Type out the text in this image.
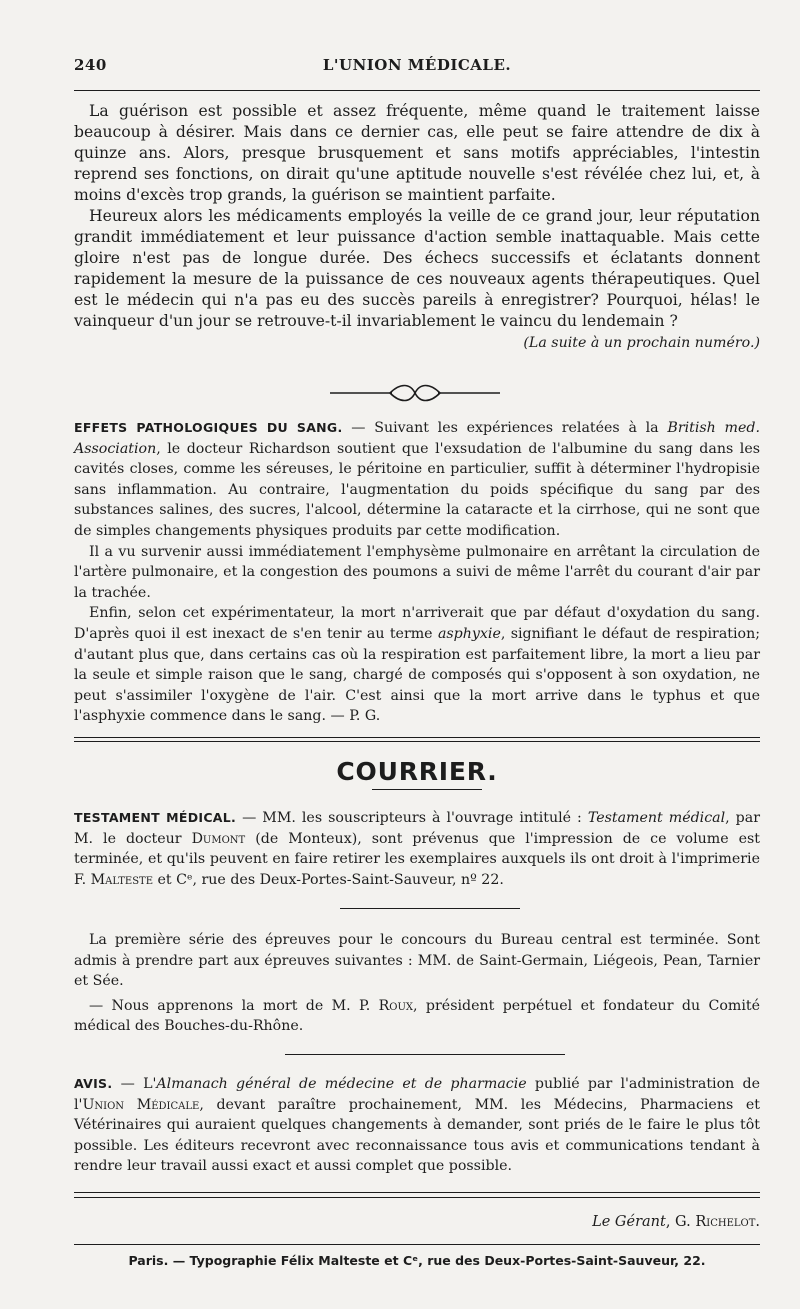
240	L'UNION MÉDICALE.

La guérison est possible et assez fréquente, même quand le traitement laisse beaucoup à désirer. Mais dans ce dernier cas, elle peut se faire attendre de dix à quinze ans. Alors, presque brusquement et sans motifs appréciables, l'intestin reprend ses fonctions, on dirait qu'une aptitude nouvelle s'est révélée chez lui, et, à moins d'excès trop grands, la guérison se maintient parfaite.

Heureux alors les médicaments employés la veille de ce grand jour, leur réputation grandit immédiatement et leur puissance d'action semble inattaquable. Mais cette gloire n'est pas de longue durée. Des échecs successifs et éclatants donnent rapidement la mesure de la puissance de ces nouveaux agents thérapeutiques. Quel est le médecin qui n'a pas eu des succès pareils à enregistrer? Pourquoi, hélas! le vainqueur d'un jour se retrouve-t-il invariablement le vaincu du lendemain ?

(La suite à un prochain numéro.)

EFFETS PATHOLOGIQUES DU SANG. — Suivant les expériences relatées à la British med. Association, le docteur Richardson soutient que l'exsudation de l'albumine du sang dans les cavités closes, comme les séreuses, le péritoine en particulier, suffit à déterminer l'hydropisie sans inflammation. Au contraire, l'augmentation du poids spécifique du sang par des substances salines, des sucres, l'alcool, détermine la cataracte et la cirrhose, qui ne sont que de simples changements physiques produits par cette modification.

Il a vu survenir aussi immédiatement l'emphysème pulmonaire en arrêtant la circulation de l'artère pulmonaire, et la congestion des poumons a suivi de même l'arrêt du courant d'air par la trachée.

Enfin, selon cet expérimentateur, la mort n'arriverait que par défaut d'oxydation du sang. D'après quoi il est inexact de s'en tenir au terme asphyxie, signifiant le défaut de respiration; d'autant plus que, dans certains cas où la respiration est parfaitement libre, la mort a lieu par la seule et simple raison que le sang, chargé de composés qui s'opposent à son oxydation, ne peut s'assimiler l'oxygène de l'air. C'est ainsi que la mort arrive dans le typhus et que l'asphyxie commence dans le sang. — P. G.

COURRIER.

TESTAMENT MÉDICAL. — MM. les souscripteurs à l'ouvrage intitulé : Testament médical, par M. le docteur Dumont (de Monteux), sont prévenus que l'impression de ce volume est terminée, et qu'ils peuvent en faire retirer les exemplaires auxquels ils ont droit à l'imprimerie F. Malteste et Cᵉ, rue des Deux-Portes-Saint-Sauveur, nº 22.

La première série des épreuves pour le concours du Bureau central est terminée. Sont admis à prendre part aux épreuves suivantes : MM. de Saint-Germain, Liégeois, Pean, Tarnier et Sée.

— Nous apprenons la mort de M. P. Roux, président perpétuel et fondateur du Comité médical des Bouches-du-Rhône.

AVIS. — L'Almanach général de médecine et de pharmacie publié par l'administration de l'Union Médicale, devant paraître prochainement, MM. les Médecins, Pharmaciens et Vétérinaires qui auraient quelques changements à demander, sont priés de le faire le plus tôt possible. Les éditeurs recevront avec reconnaissance tous avis et communications tendant à rendre leur travail aussi exact et aussi complet que possible.

Le Gérant, G. Richelot.
Paris. — Typographie Félix Malteste et Cᵉ, rue des Deux-Portes-Saint-Sauveur, 22.
